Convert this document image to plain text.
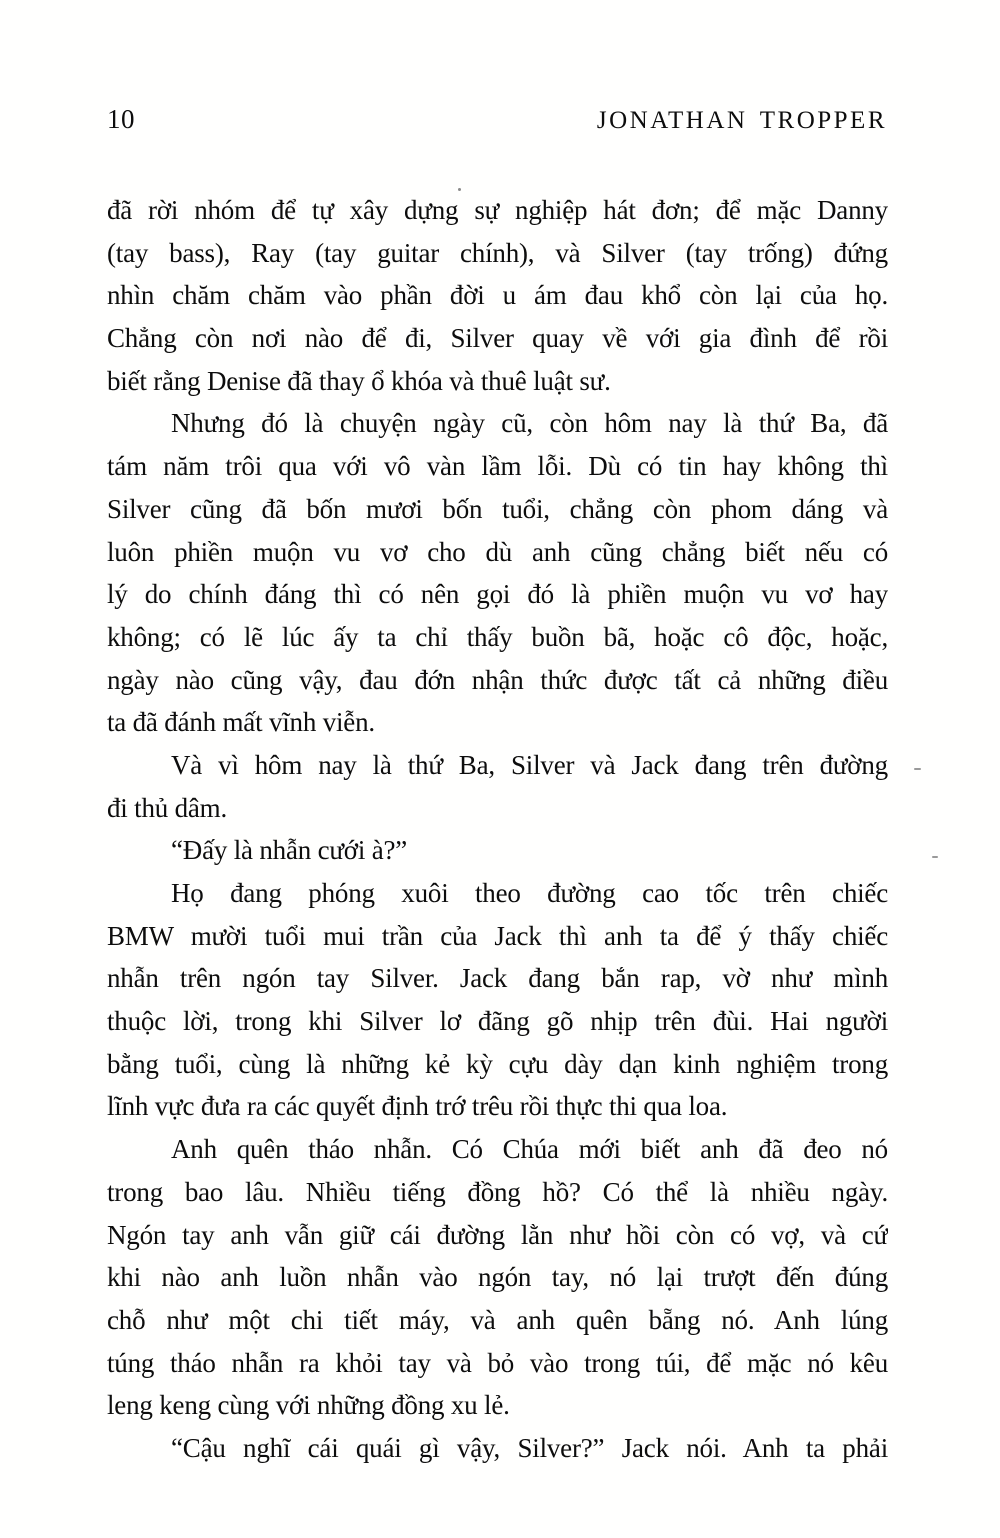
10	JONATHAN TROPPER
đã rời nhóm để tự xây dựng sự nghiệp hát đơn; để mặc Danny
(tay bass), Ray (tay guitar chính), và Silver (tay trống) đứng
nhìn chăm chăm vào phần đời u ám đau khổ còn lại của họ.
Chẳng còn nơi nào để đi, Silver quay về với gia đình để rồi
biết rằng Denise đã thay ổ khóa và thuê luật sư.
Nhưng đó là chuyện ngày cũ, còn hôm nay là thứ Ba, đã
tám năm trôi qua với vô vàn lầm lỗi. Dù có tin hay không thì
Silver cũng đã bốn mươi bốn tuổi, chẳng còn phom dáng và
luôn phiền muộn vu vơ cho dù anh cũng chẳng biết nếu có
lý do chính đáng thì có nên gọi đó là phiền muộn vu vơ hay
không; có lẽ lúc ấy ta chỉ thấy buồn bã, hoặc cô độc, hoặc,
ngày nào cũng vậy, đau đớn nhận thức được tất cả những điều
ta đã đánh mất vĩnh viễn.
Và vì hôm nay là thứ Ba, Silver và Jack đang trên đường
đi thủ dâm.
“Đấy là nhẫn cưới à?”
Họ đang phóng xuôi theo đường cao tốc trên chiếc
BMW mười tuổi mui trần của Jack thì anh ta để ý thấy chiếc
nhẫn trên ngón tay Silver. Jack đang bắn rap, vờ như mình
thuộc lời, trong khi Silver lơ đãng gõ nhịp trên đùi. Hai người
bằng tuổi, cùng là những kẻ kỳ cựu dày dạn kinh nghiệm trong
lĩnh vực đưa ra các quyết định trớ trêu rồi thực thi qua loa.
Anh quên tháo nhẫn. Có Chúa mới biết anh đã đeo nó
trong bao lâu. Nhiều tiếng đồng hồ? Có thể là nhiều ngày.
Ngón tay anh vẫn giữ cái đường lằn như hồi còn có vợ, và cứ
khi nào anh luồn nhẫn vào ngón tay, nó lại trượt đến đúng
chỗ như một chi tiết máy, và anh quên bẵng nó. Anh lúng
túng tháo nhẫn ra khỏi tay và bỏ vào trong túi, để mặc nó kêu
leng keng cùng với những đồng xu lẻ.
“Cậu nghĩ cái quái gì vậy, Silver?” Jack nói. Anh ta phải
